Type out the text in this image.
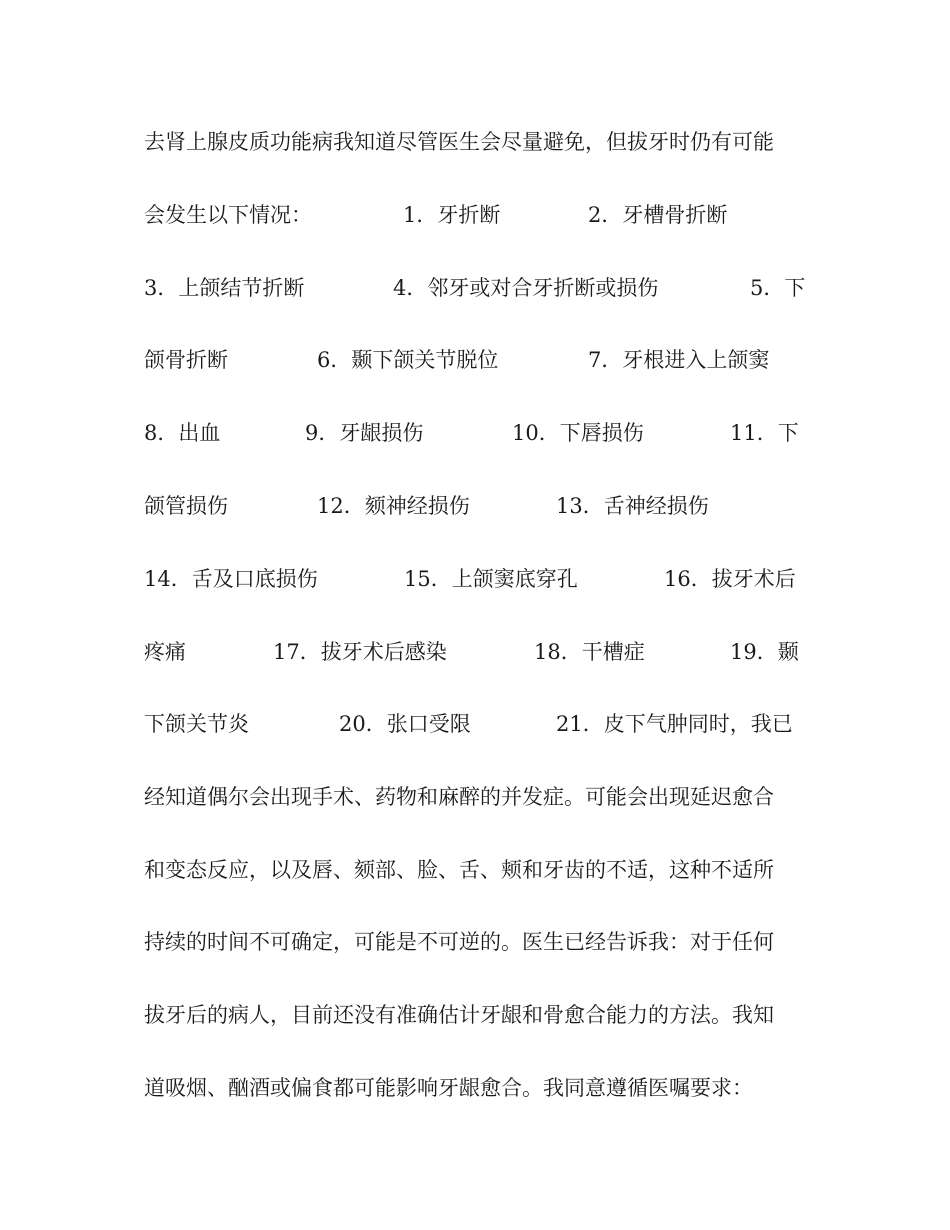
去肾上腺皮质功能病我知道尽管医生会尽量避免，但拔牙时仍有可能
会发生以下情况：	1．牙折断	2．牙槽骨折断
3．上颌结节折断	4．邻牙或对合牙折断或损伤	5．下
颌骨折断	6．颞下颌关节脱位	7．牙根进入上颌窦
8．出血	9．牙龈损伤	10．下唇损伤	11．下
颌管损伤	12．颏神经损伤	13．舌神经损伤
14．舌及口底损伤	15．上颌窦底穿孔	16．拔牙术后
疼痛	17．拔牙术后感染	18．干槽症	19．颞
下颌关节炎	20．张口受限	21．皮下气肿同时，我已
经知道偶尔会出现手术、药物和麻醉的并发症。可能会出现延迟愈合
和变态反应，以及唇、颏部、脸、舌、颊和牙齿的不适，这种不适所
持续的时间不可确定，可能是不可逆的。医生已经告诉我：对于任何
拔牙后的病人，目前还没有准确估计牙龈和骨愈合能力的方法。我知
道吸烟、酗酒或偏食都可能影响牙龈愈合。我同意遵循医嘱要求：
